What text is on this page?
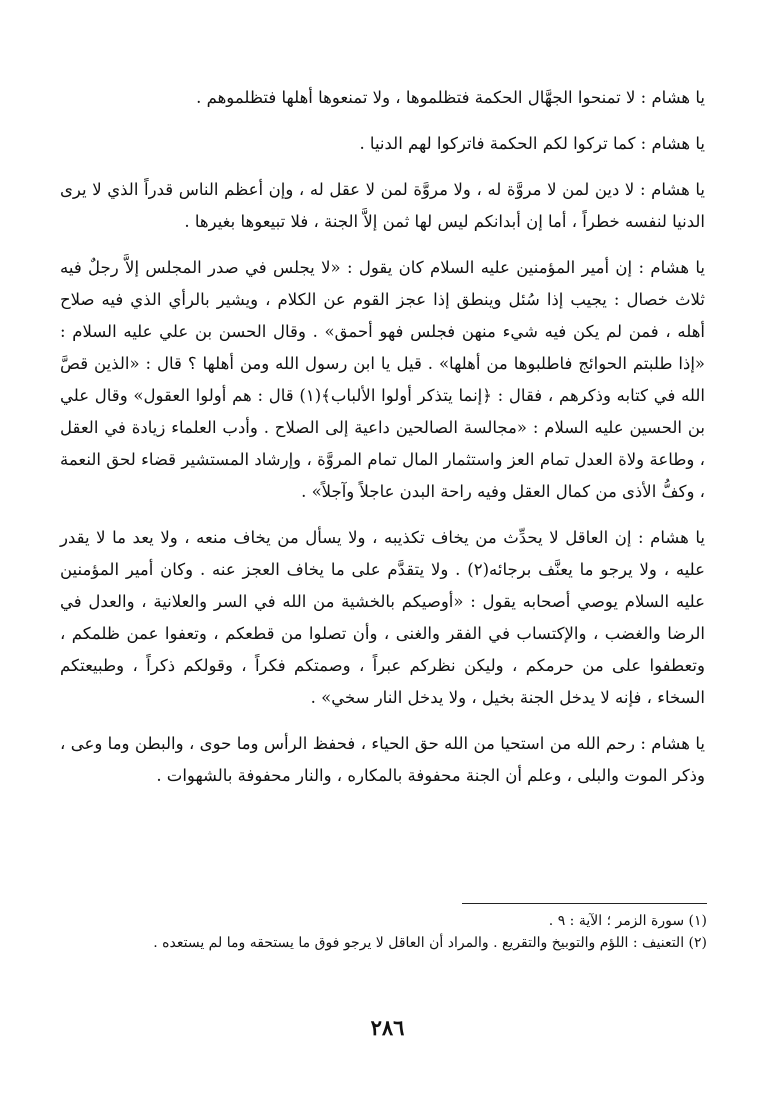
يا هشام : لا تمنحوا الجهَّال الحكمة فتظلموها ، ولا تمنعوها أهلها فتظلموهم .

يا هشام : كما تركوا لكم الحكمة فاتركوا لهم الدنيا .

يا هشام : لا دين لمن لا مروَّة له ، ولا مروَّة لمن لا عقل له ، وإن أعظم الناس قدراً الذي لا يرى الدنيا لنفسه خطراً ، أما إن أبدانكم ليس لها ثمن إلاَّ الجنة ، فلا تبيعوها بغيرها .

يا هشام : إن أمير المؤمنين عليه السلام كان يقول : «لا يجلس في صدر المجلس إلاَّ رجلٌ فيه ثلاث خصال : يجيب إذا سُئل وينطق إذا عجز القوم عن الكلام ، ويشير بالرأي الذي فيه صلاح أهله ، فمن لم يكن فيه شيء منهن فجلس فهو أحمق» . وقال الحسن بن علي عليه السلام : «إذا طلبتم الحوائج فاطلبوها من أهلها» . قيل يا ابن رسول الله ومن أهلها ؟ قال : «الذين قصَّ الله في كتابه وذكرهم ، فقال : ﴿إنما يتذكر أولوا الألباب﴾(١) قال : هم أولوا العقول» وقال علي بن الحسين عليه السلام : «مجالسة الصالحين داعية إلى الصلاح . وأدب العلماء زيادة في العقل ، وطاعة ولاة العدل تمام العز واستثمار المال تمام المروَّة ، وإرشاد المستشير قضاء لحق النعمة ، وكفُّ الأذى من كمال العقل وفيه راحة البدن عاجلاً وآجلاً» .

يا هشام : إن العاقل لا يحدِّث من يخاف تكذيبه ، ولا يسأل من يخاف منعه ، ولا يعد ما لا يقدر عليه ، ولا يرجو ما يعنَّف برجائه(٢) . ولا يتقدَّم على ما يخاف العجز عنه . وكان أمير المؤمنين عليه السلام يوصي أصحابه يقول : «أوصيكم بالخشية من الله في السر والعلانية ، والعدل في الرضا والغضب ، والإكتساب في الفقر والغنى ، وأن تصلوا من قطعكم ، وتعفوا عمن ظلمكم ، وتعطفوا على من حرمكم ، وليكن نظركم عبراً ، وصمتكم فكراً ، وقولكم ذكراً ، وطبيعتكم السخاء ، فإنه لا يدخل الجنة بخيل ، ولا يدخل النار سخي» .

يا هشام : رحم الله من استحيا من الله حق الحياء ، فحفظ الرأس وما حوى ، والبطن وما وعى ، وذكر الموت والبلى ، وعلم أن الجنة محفوفة بالمكاره ، والنار محفوفة بالشهوات .

(١) سورة الزمر ؛ الآية : ٩ .

(٢) التعنيف : اللؤم والتوبيخ والتقريع . والمراد أن العاقل لا يرجو فوق ما يستحقه وما لم يستعده .

٢٨٦
